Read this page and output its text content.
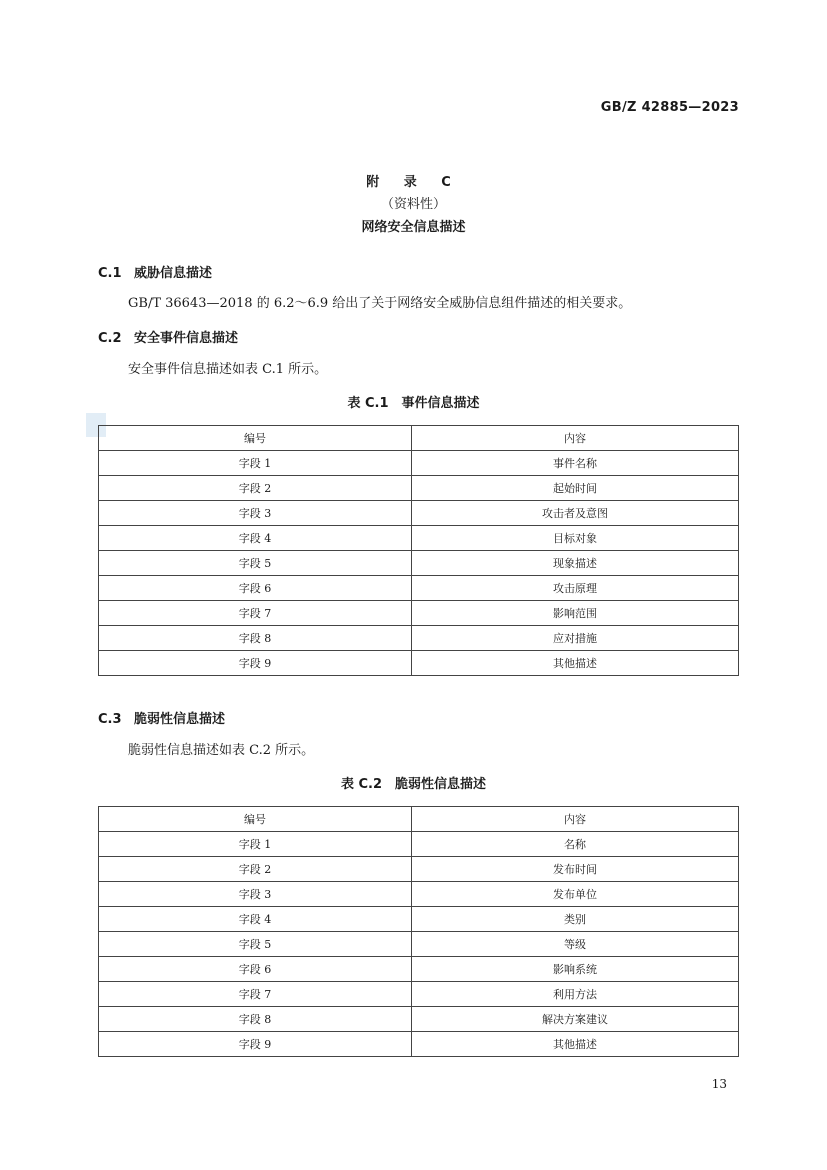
GB/Z 42885—2023
附 录 C
（资料性）
网络安全信息描述
C.1 威胁信息描述
GB/T 36643—2018 的 6.2～6.9 给出了关于网络安全威胁信息组件描述的相关要求。
C.2 安全事件信息描述
安全事件信息描述如表 C.1 所示。
表 C.1　事件信息描述
编号	内容
字段 1	事件名称
字段 2	起始时间
字段 3	攻击者及意图
字段 4	目标对象
字段 5	现象描述
字段 6	攻击原理
字段 7	影响范围
字段 8	应对措施
字段 9	其他描述
C.3 脆弱性信息描述
脆弱性信息描述如表 C.2 所示。
表 C.2　脆弱性信息描述
编号	内容
字段 1	名称
字段 2	发布时间
字段 3	发布单位
字段 4	类别
字段 5	等级
字段 6	影响系统
字段 7	利用方法
字段 8	解决方案建议
字段 9	其他描述
13
